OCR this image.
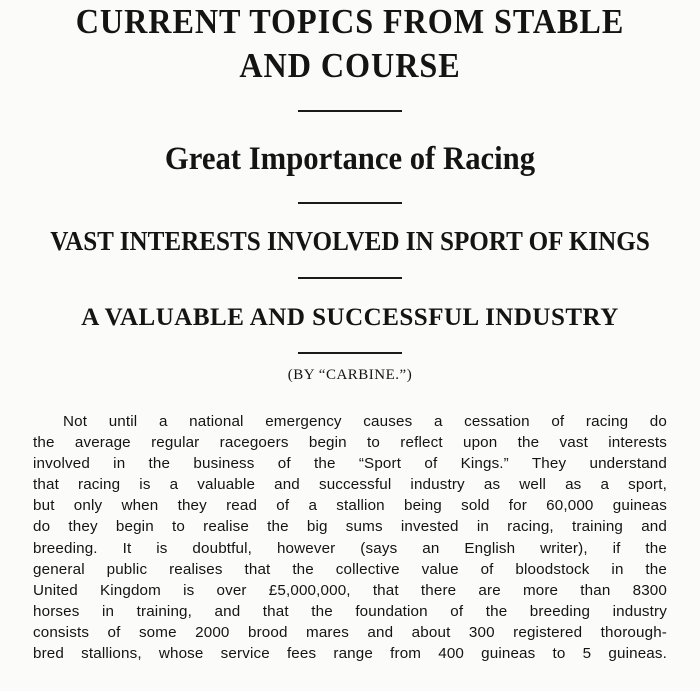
CURRENT TOPICS FROM STABLE
AND COURSE
Great Importance of Racing
VAST INTERESTS INVOLVED IN SPORT OF KINGS
A VALUABLE AND SUCCESSFUL INDUSTRY

(BY “CARBINE.”)

Not until a national emergency causes a cessation of racing do
the average regular racegoers begin to reflect upon the vast interests
involved in the business of the “Sport of Kings.” They understand
that racing is a valuable and successful industry as well as a sport,
but only when they read of a stallion being sold for 60,000 guineas
do they begin to realise the big sums invested in racing, training and
breeding. It is doubtful, however (says an English writer), if the
general public realises that the collective value of bloodstock in the
United Kingdom is over £5,000,000, that there are more than 8300
horses in training, and that the foundation of the breeding industry
consists of some 2000 brood mares and about 300 registered thorough-
bred stallions, whose service fees range from 400 guineas to 5 guineas.
